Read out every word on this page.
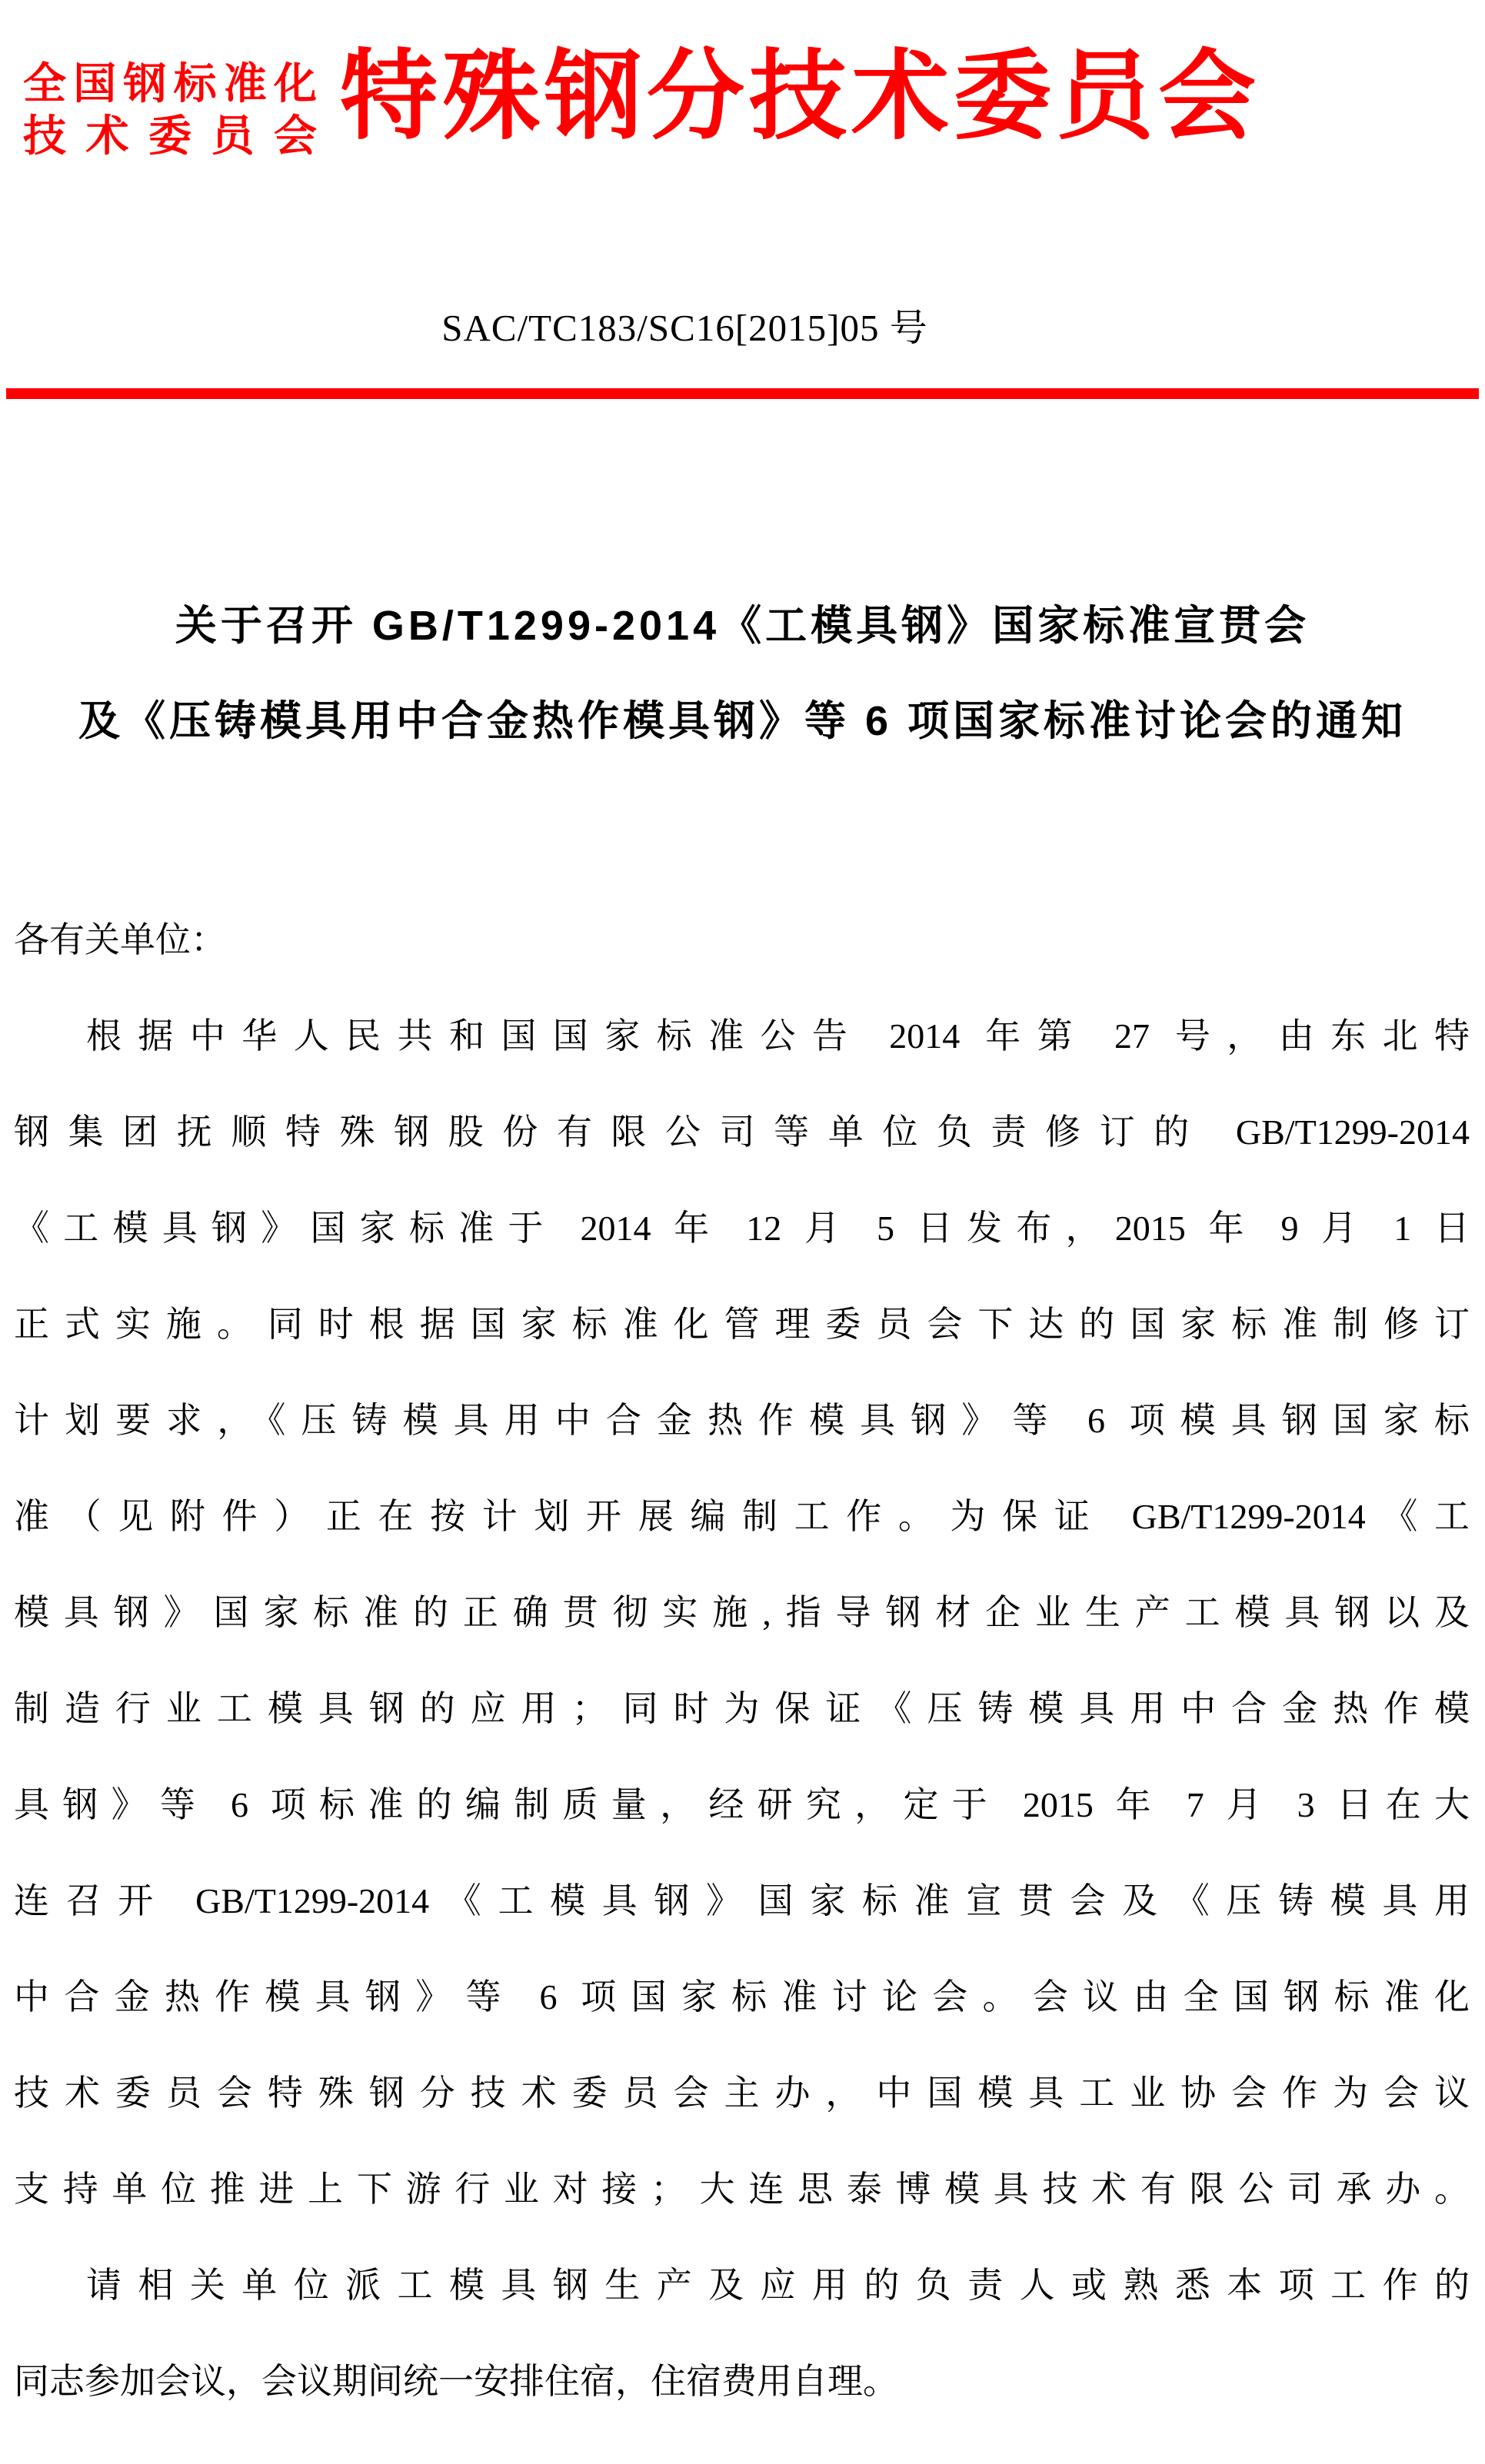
全国钢标准化
技术委员会 特殊钢分技术委员会
SAC/TC183/SC16[2015]05 号
关于召开 GB/T1299-2014《工模具钢》国家标准宣贯会
及《压铸模具用中合金热作模具钢》等 6 项国家标准讨论会的通知
各有关单位：
根据中华人民共和国国家标准公告 2014 年第 27 号，由东北特
钢集团抚顺特殊钢股份有限公司等单位负责修订的 GB/T1299-2014
《工模具钢》国家标准于 2014 年 12 月 5 日发布，2015 年 9 月 1 日
正式实施。同时根据国家标准化管理委员会下达的国家标准制修订
计划要求，《压铸模具用中合金热作模具钢》等 6 项模具钢国家标
准（见附件）正在按计划开展编制工作。为保证 GB/T1299-2014《工
模具钢》国家标准的正确贯彻实施,指导钢材企业生产工模具钢以及
制造行业工模具钢的应用；同时为保证《压铸模具用中合金热作模
具钢》等 6 项标准的编制质量，经研究，定于 2015 年 7 月 3 日在大
连召开 GB/T1299-2014《工模具钢》国家标准宣贯会及《压铸模具用
中合金热作模具钢》等 6 项国家标准讨论会。会议由全国钢标准化
技术委员会特殊钢分技术委员会主办，中国模具工业协会作为会议
支持单位推进上下游行业对接；大连思泰博模具技术有限公司承办。
请相关单位派工模具钢生产及应用的负责人或熟悉本项工作的
同志参加会议，会议期间统一安排住宿，住宿费用自理。
